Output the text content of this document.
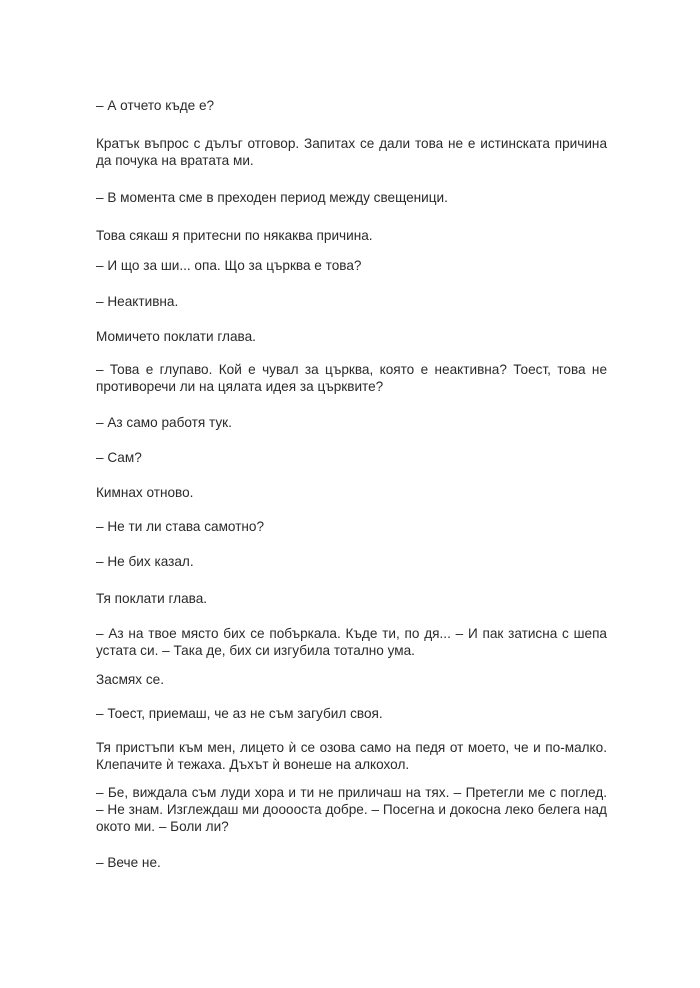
– А отчето къде е?
Кратък въпрос с дълъг отговор. Запитах се дали това не е истинската причина
да почука на вратата ми.
– В момента сме в преходен период между свещеници.
Това сякаш я притесни по някаква причина.
– И що за ши... опа. Що за църква е това?
– Неактивна.
Момичето поклати глава.
– Това е глупаво. Кой е чувал за църква, която е неактивна? Тоест, това не
противоречи ли на цялата идея за църквите?
– Аз само работя тук.
– Сам?
Кимнах отново.
– Не ти ли става самотно?
– Не бих казал.
Тя поклати глава.
– Аз на твое място бих се побъркала. Къде ти, по дя... – И пак затисна с шепа
устата си. – Така де, бих си изгубила тотално ума.
Засмях се.
– Тоест, приемаш, че аз не съм загубил своя.
Тя пристъпи към мен, лицето ѝ се озова само на педя от моето, че и по-малко.
Клепачите ѝ тежаха. Дъхът ѝ вонеше на алкохол.
– Бе, виждала съм луди хора и ти не приличаш на тях. – Претегли ме с поглед.
– Не знам. Изглеждаш ми дооооста добре. – Посегна и докосна леко белега над
окото ми. – Боли ли?
– Вече не.
